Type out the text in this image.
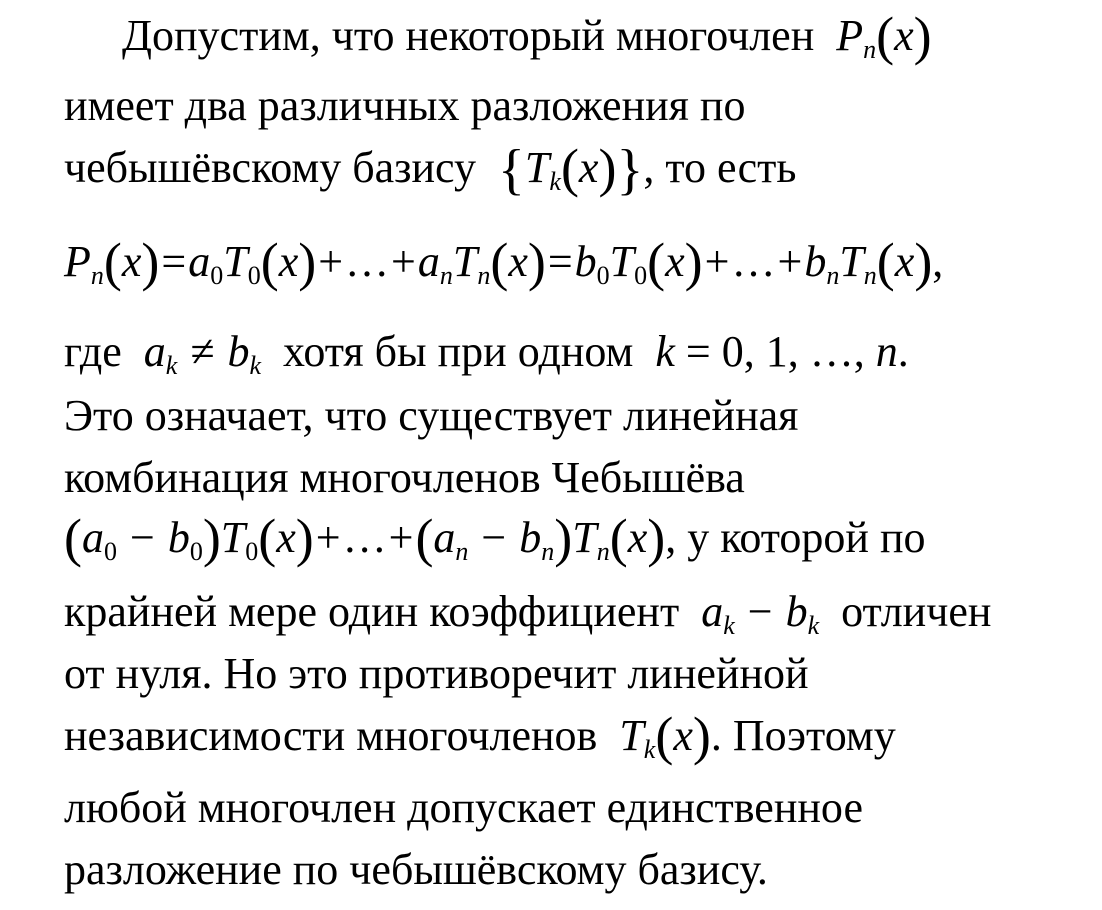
Допустим, что некоторый многочлен $P_n(x)$
имеет два различных разложения по
чебышёвскому базису $\{T_k(x)\}$, то есть
$P_n(x)=a_0T_0(x)+\dots+a_nT_n(x)=b_0T_0(x)+\dots+b_nT_n(x)$,
где $a_k \ne b_k$ хотя бы при одном k = 0, 1, …, n.
Это означает, что существует линейная
комбинация многочленов Чебышёва
($a_0$ − $b_0)T_0(x)+\dots+(a_n - b_n)T_n(x)$, у которой по
крайней мере один коэффициент $a_k - b_k$ отличен
от нуля. Но это противоречит линейной
независимости многочленов $T_k(x)$. Поэтому
любой многочлен допускает единственное
разложение по чебышёвскому базису.
